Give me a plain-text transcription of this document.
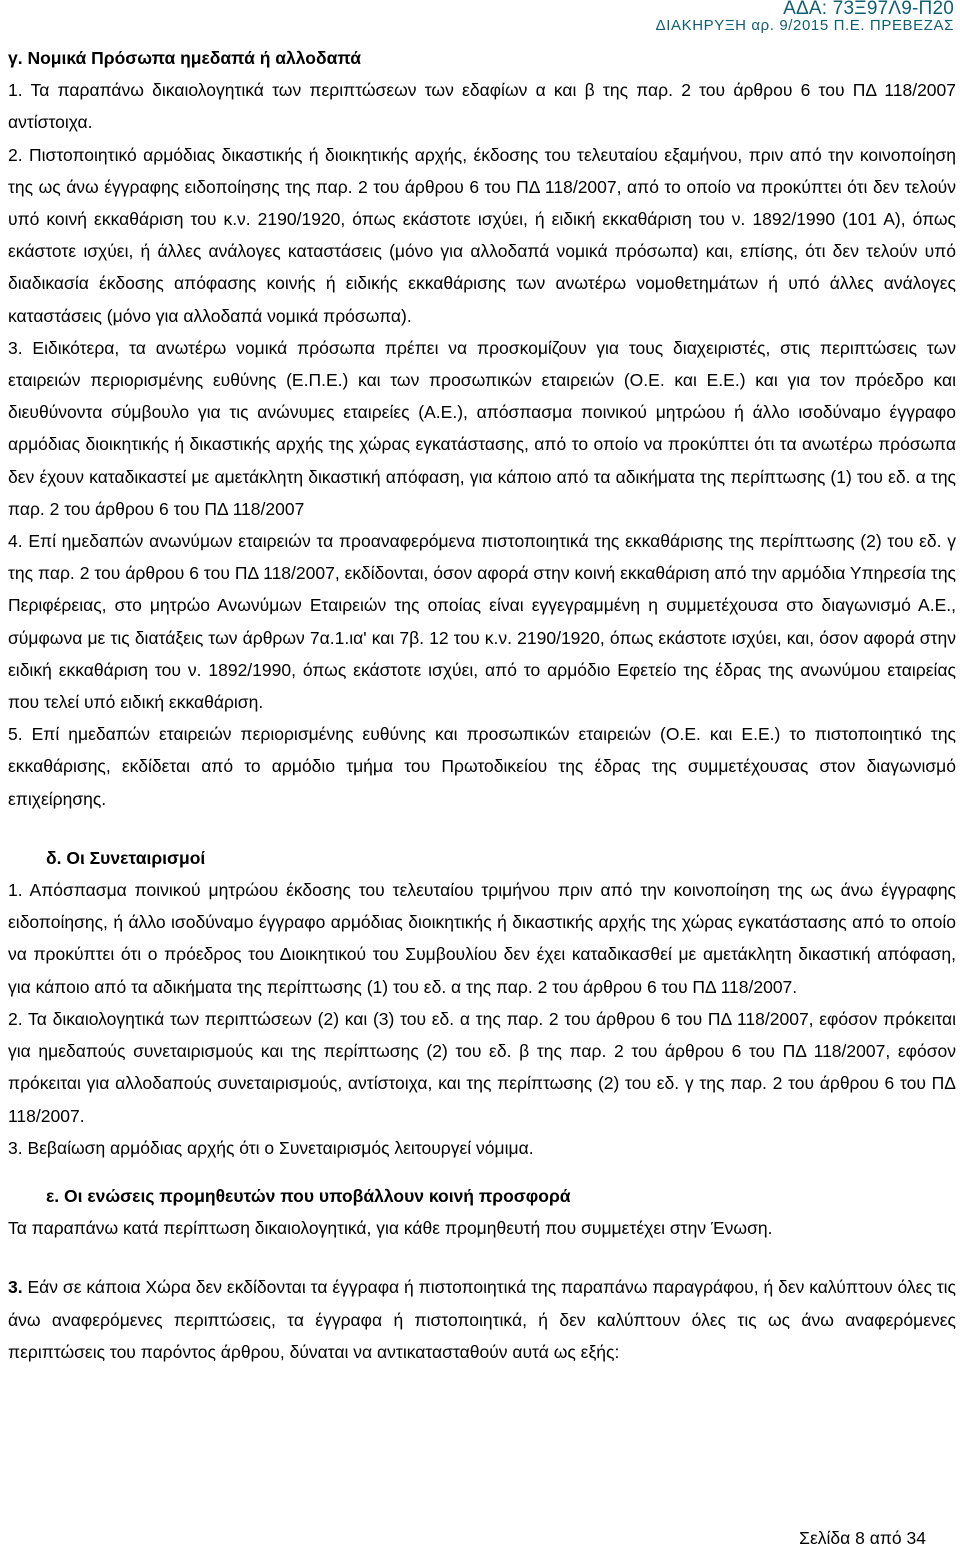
ΑΔΑ: 73Ξ97Λ9-Π20
ΔΙΑΚΗΡΥΞΗ αρ. 9/2015 Π.Ε. ΠΡΕΒΕΖΑΣ

γ. Νομικά Πρόσωπα ημεδαπά ή αλλοδαπά

1. Τα παραπάνω δικαιολογητικά των περιπτώσεων των εδαφίων α και β της παρ. 2 του άρθρου 6 του ΠΔ 118/2007 αντίστοιχα.

2. Πιστοποιητικό αρμόδιας δικαστικής ή διοικητικής αρχής, έκδοσης του τελευταίου εξαμήνου, πριν από την κοινοποίηση της ως άνω έγγραφης ειδοποίησης της παρ. 2 του άρθρου 6 του ΠΔ 118/2007, από το οποίο να προκύπτει ότι δεν τελούν υπό κοινή εκκαθάριση του κ.ν. 2190/1920, όπως εκάστοτε ισχύει, ή ειδική εκκαθάριση του ν. 1892/1990 (101 Α), όπως εκάστοτε ισχύει, ή άλλες ανάλογες καταστάσεις (μόνο για αλλοδαπά νομικά πρόσωπα) και, επίσης, ότι δεν τελούν υπό διαδικασία έκδοσης απόφασης κοινής ή ειδικής εκκαθάρισης των ανωτέρω νομοθετημάτων ή υπό άλλες ανάλογες καταστάσεις (μόνο για αλλοδαπά νομικά πρόσωπα).

3. Ειδικότερα, τα ανωτέρω νομικά πρόσωπα πρέπει να προσκομίζουν για τους διαχειριστές, στις περιπτώσεις των εταιρειών περιορισμένης ευθύνης (Ε.Π.Ε.) και των προσωπικών εταιρειών (Ο.Ε. και Ε.Ε.) και για τον πρόεδρο και διευθύνοντα σύμβουλο για τις ανώνυμες εταιρείες (Α.Ε.), απόσπασμα ποινικού μητρώου ή άλλο ισοδύναμο έγγραφο αρμόδιας διοικητικής ή δικαστικής αρχής της χώρας εγκατάστασης, από το οποίο να προκύπτει ότι τα ανωτέρω πρόσωπα δεν έχουν καταδικαστεί με αμετάκλητη δικαστική απόφαση, για κάποιο από τα αδικήματα της περίπτωσης (1) του εδ. α της παρ. 2 του άρθρου 6 του ΠΔ 118/2007

4. Επί ημεδαπών ανωνύμων εταιρειών τα προαναφερόμενα πιστοποιητικά της εκκαθάρισης της περίπτωσης (2) του εδ. γ της παρ. 2 του άρθρου 6 του ΠΔ 118/2007, εκδίδονται, όσον αφορά στην κοινή εκκαθάριση από την αρμόδια Υπηρεσία της Περιφέρειας, στο μητρώο Ανωνύμων Εταιρειών της οποίας είναι εγγεγραμμένη η συμμετέχουσα στο διαγωνισμό Α.Ε., σύμφωνα με τις διατάξεις των άρθρων 7α.1.ια' και 7β. 12 του κ.ν. 2190/1920, όπως εκάστοτε ισχύει, και, όσον αφορά στην ειδική εκκαθάριση του ν. 1892/1990, όπως εκάστοτε ισχύει, από το αρμόδιο Εφετείο της έδρας της ανωνύμου εταιρείας που τελεί υπό ειδική εκκαθάριση.

5. Επί ημεδαπών εταιρειών περιορισμένης ευθύνης και προσωπικών εταιρειών (Ο.Ε. και Ε.Ε.) το πιστοποιητικό της εκκαθάρισης, εκδίδεται από το αρμόδιο τμήμα του Πρωτοδικείου της έδρας της συμμετέχουσας στον διαγωνισμό επιχείρησης.

δ. Οι Συνεταιρισμοί

1. Απόσπασμα ποινικού μητρώου έκδοσης του τελευταίου τριμήνου πριν από την κοινοποίηση της ως άνω έγγραφης ειδοποίησης, ή άλλο ισοδύναμο έγγραφο αρμόδιας διοικητικής ή δικαστικής αρχής της χώρας εγκατάστασης από το οποίο να προκύπτει ότι ο πρόεδρος του Διοικητικού του Συμβουλίου δεν έχει καταδικασθεί με αμετάκλητη δικαστική απόφαση, για κάποιο από τα αδικήματα της περίπτωσης (1) του εδ. α της παρ. 2 του άρθρου 6 του ΠΔ 118/2007.

2. Τα δικαιολογητικά των περιπτώσεων (2) και (3) του εδ. α της παρ. 2 του άρθρου 6 του ΠΔ 118/2007, εφόσον πρόκειται για ημεδαπούς συνεταιρισμούς και της περίπτωσης (2) του εδ. β της παρ. 2 του άρθρου 6 του ΠΔ 118/2007, εφόσον πρόκειται για αλλοδαπούς συνεταιρισμούς, αντίστοιχα, και της περίπτωσης (2) του εδ. γ της παρ. 2 του άρθρου 6 του ΠΔ 118/2007.

3. Βεβαίωση αρμόδιας αρχής ότι ο Συνεταιρισμός λειτουργεί νόμιμα.

ε. Οι ενώσεις προμηθευτών που υποβάλλουν κοινή προσφορά

Τα παραπάνω κατά περίπτωση δικαιολογητικά, για κάθε προμηθευτή που συμμετέχει στην Ένωση.

3. Εάν σε κάποια Χώρα δεν εκδίδονται τα έγγραφα ή πιστοποιητικά της παραπάνω παραγράφου, ή δεν καλύπτουν όλες τις άνω αναφερόμενες περιπτώσεις, τα έγγραφα ή πιστοποιητικά, ή δεν καλύπτουν όλες τις ως άνω αναφερόμενες περιπτώσεις του παρόντος άρθρου, δύναται να αντικατασταθούν αυτά ως εξής:

Σελίδα 8 από 34
